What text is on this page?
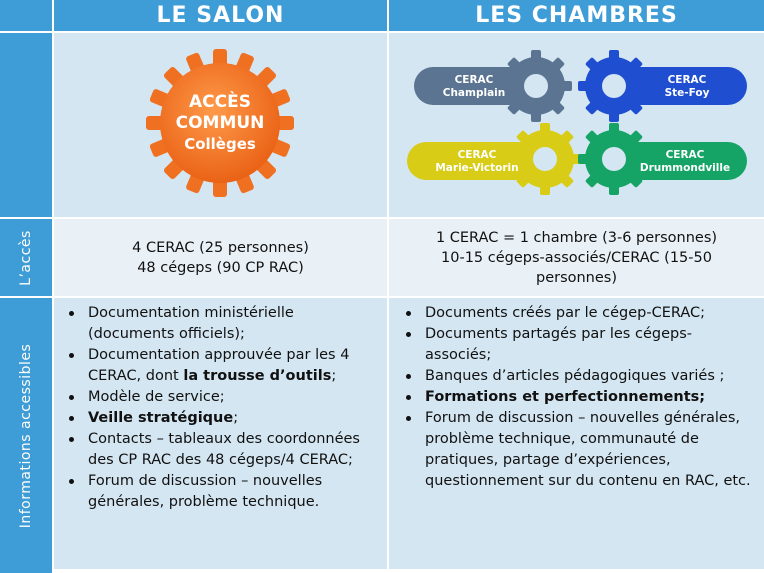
LE SALON	LES CHAMBRES
ACCÈS
COMMUN
Collèges
CERAC
Champlain
CERAC
Ste-Foy
CERAC
Marie-Victorin
CERAC
Drummondville
L’accès	4 CERAC (25 personnes)
48 cégeps (90 CP RAC)
1 CERAC = 1 chambre (3-6 personnes)
10-15 cégeps-associés/CERAC (15-50
personnes)
Informations accessibles
Documentation ministérielle (documents officiels);
Documentation approuvée par les 4 CERAC, dont la trousse d’outils;
Modèle de service;
Veille stratégique;
Contacts – tableaux des coordonnées des CP RAC des 48 cégeps/4 CERAC;
Forum de discussion – nouvelles générales, problème technique.
Documents créés par le cégep-CERAC;
Documents partagés par les cégeps-associés;
Banques d’articles pédagogiques variés ;
Formations et perfectionnements;
Forum de discussion – nouvelles générales, problème technique, communauté de pratiques, partage d’expériences, questionnement sur du contenu en RAC, etc.
